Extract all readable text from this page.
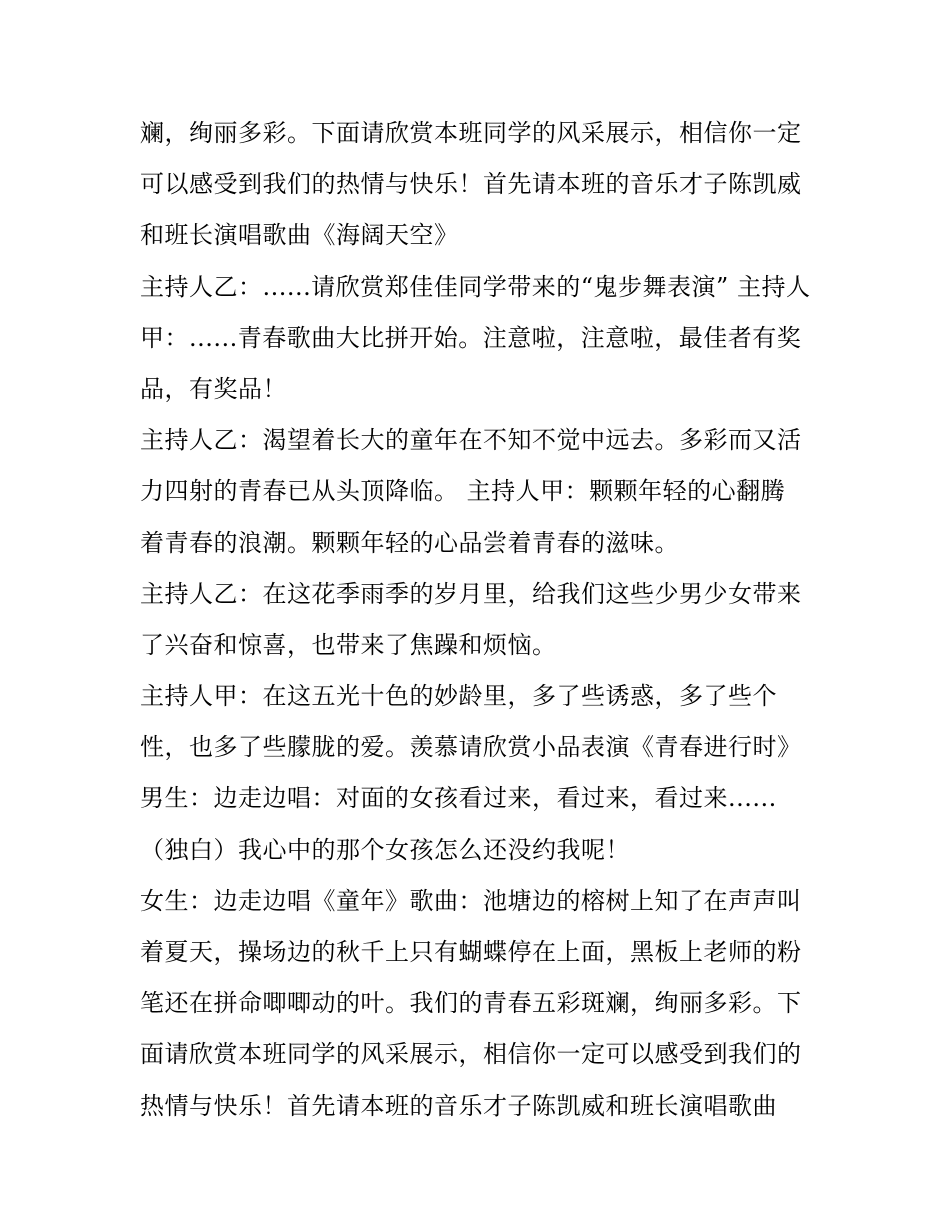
斓，绚丽多彩。下面请欣赏本班同学的风采展示，相信你一定
可以感受到我们的热情与快乐！首先请本班的音乐才子陈凯威
和班长演唱歌曲《海阔天空》
主持人乙：......请欣赏郑佳佳同学带来的“鬼步舞表演” 主持人
甲：......青春歌曲大比拼开始。注意啦，注意啦，最佳者有奖
品，有奖品！
主持人乙：渴望着长大的童年在不知不觉中远去。多彩而又活
力四射的青春已从头顶降临。 主持人甲：颗颗年轻的心翻腾
着青春的浪潮。颗颗年轻的心品尝着青春的滋味。
主持人乙：在这花季雨季的岁月里，给我们这些少男少女带来
了兴奋和惊喜，也带来了焦躁和烦恼。
主持人甲：在这五光十色的妙龄里，多了些诱惑，多了些个
性，也多了些朦胧的爱。羡慕请欣赏小品表演《青春进行时》
男生：边走边唱：对面的女孩看过来，看过来，看过来......
（独白）我心中的那个女孩怎么还没约我呢！
女生：边走边唱《童年》歌曲：池塘边的榕树上知了在声声叫
着夏天，操场边的秋千上只有蝴蝶停在上面，黑板上老师的粉
笔还在拼命唧唧动的叶。我们的青春五彩斑斓，绚丽多彩。下
面请欣赏本班同学的风采展示，相信你一定可以感受到我们的
热情与快乐！首先请本班的音乐才子陈凯威和班长演唱歌曲
